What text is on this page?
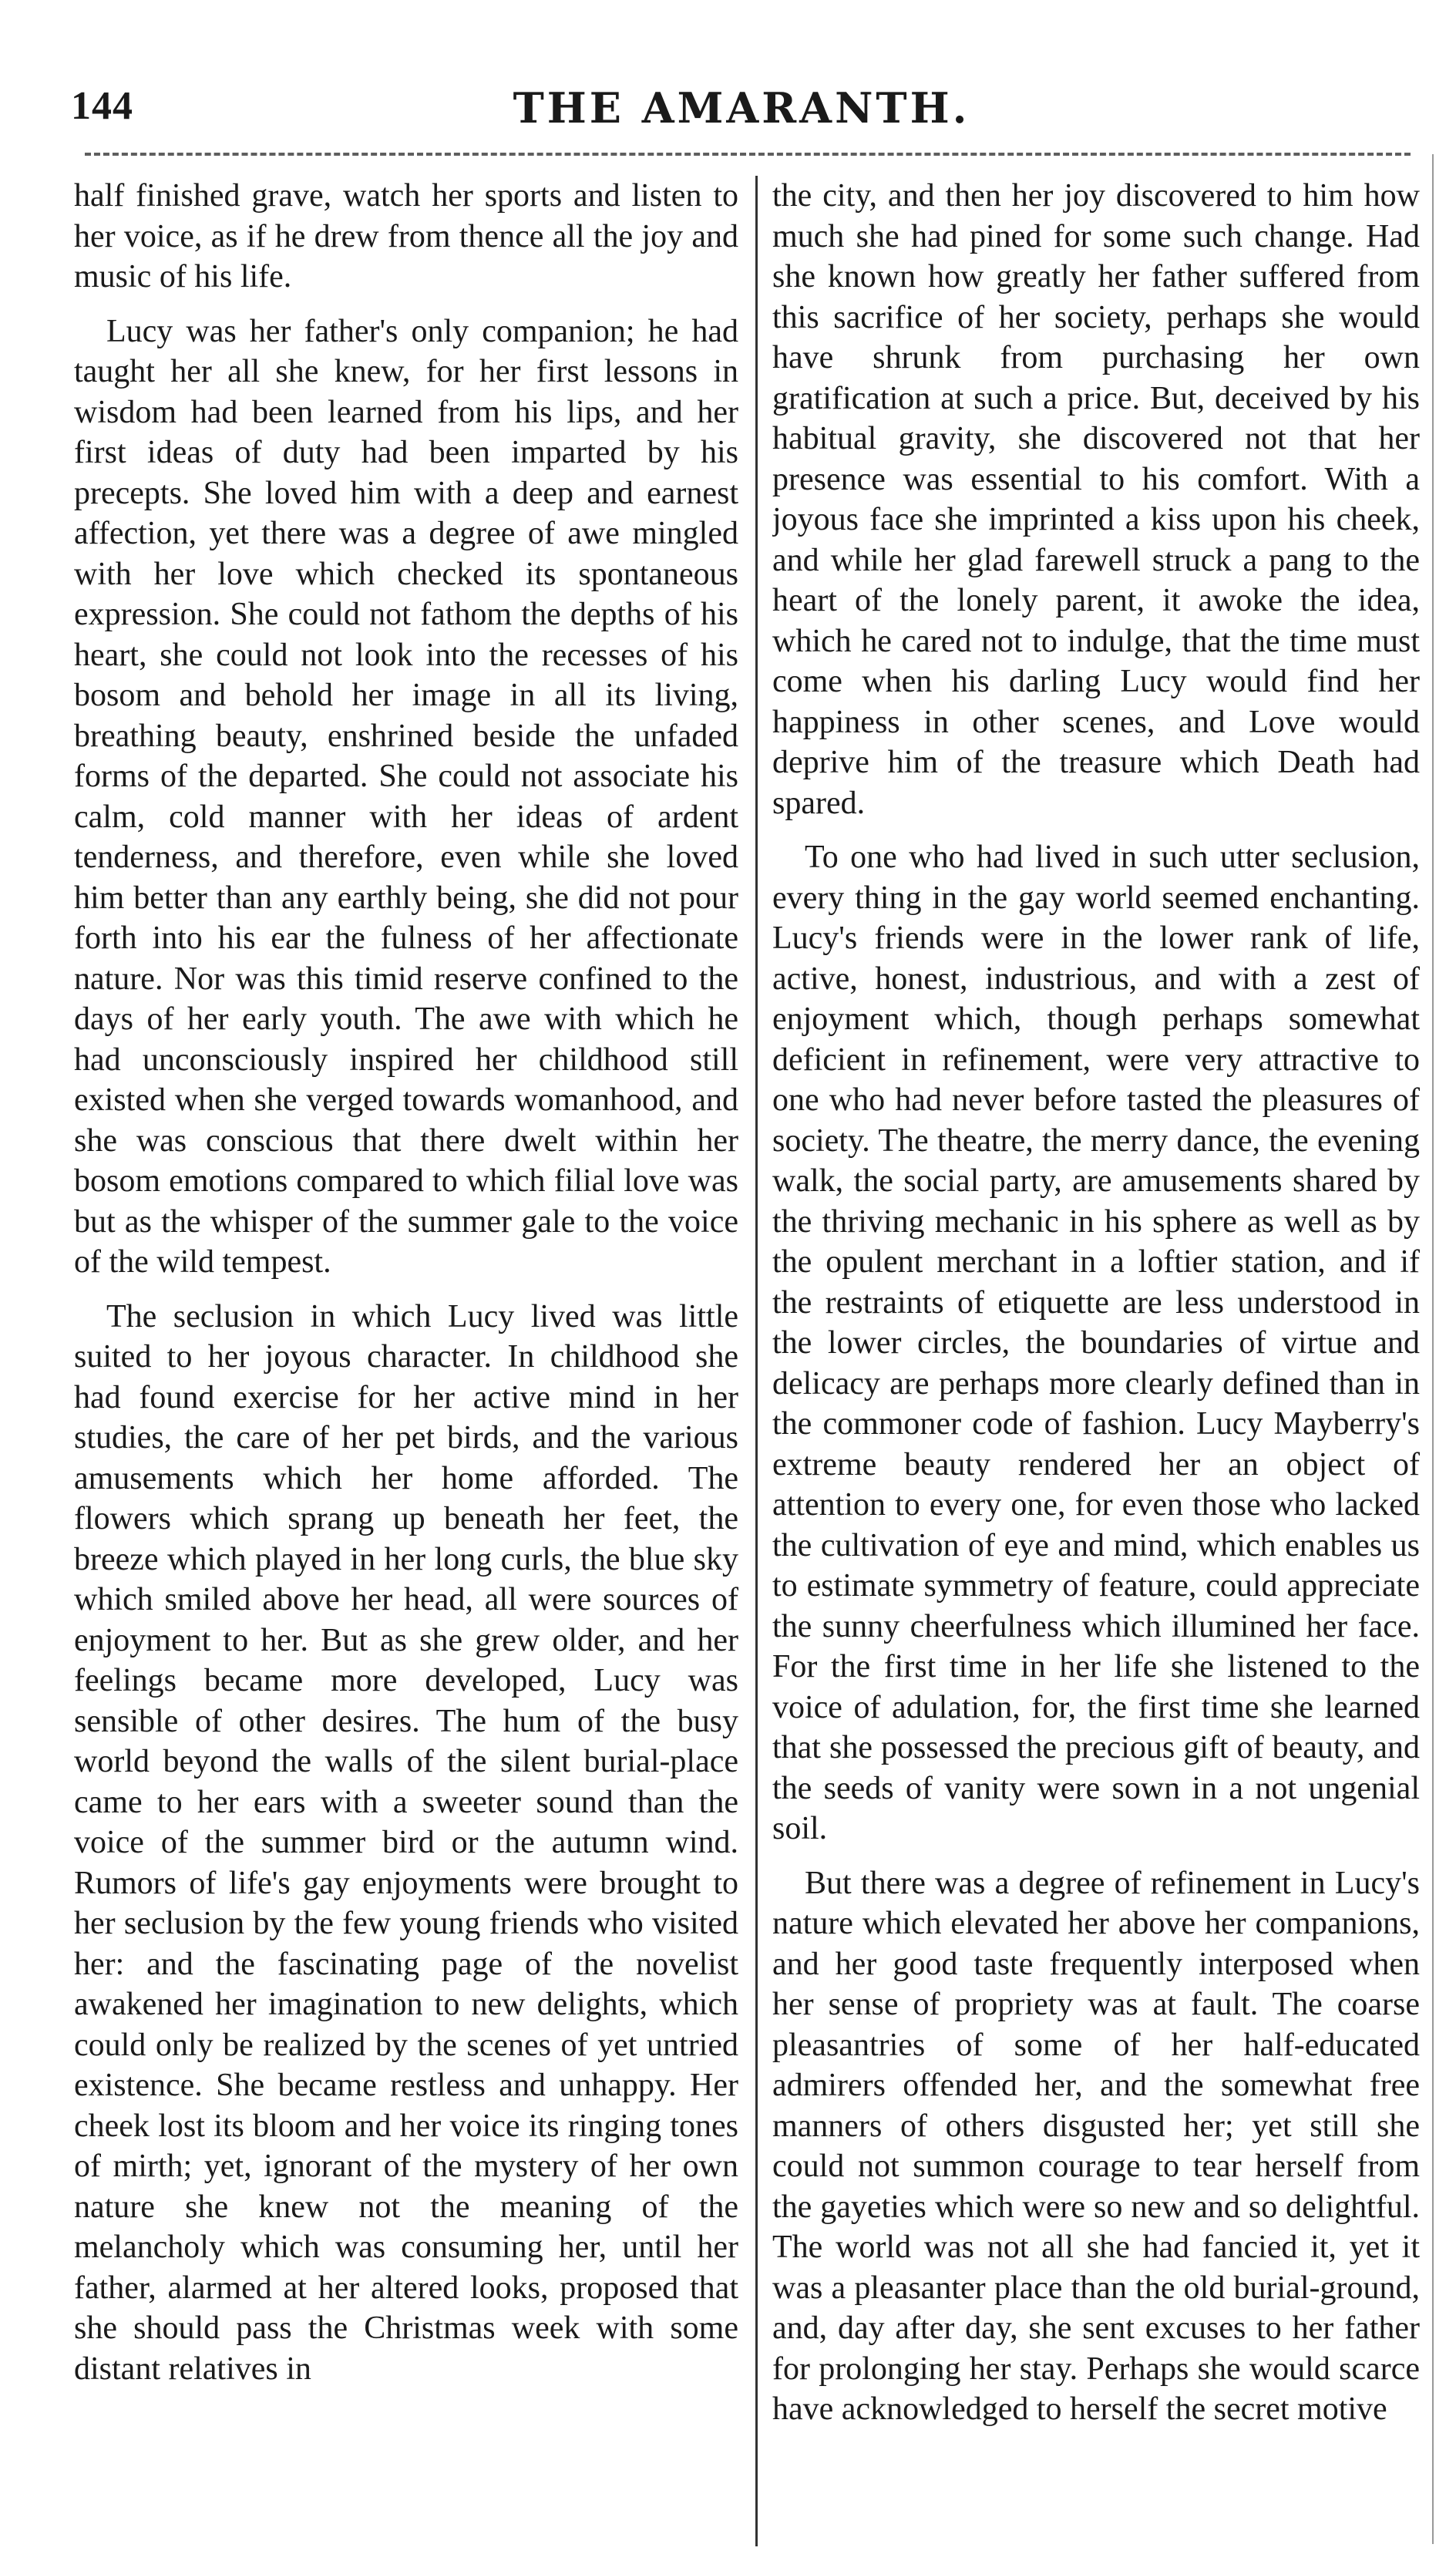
144	THE AMARANTH.

half finished grave, watch her sports and listen to her voice, as if he drew from thence all the joy and music of his life.

Lucy was her father's only companion; he had taught her all she knew, for her first lessons in wisdom had been learned from his lips, and her first ideas of duty had been imparted by his precepts. She loved him with a deep and earnest affection, yet there was a degree of awe mingled with her love which checked its spontaneous expression. She could not fathom the depths of his heart, she could not look into the recesses of his bosom and behold her image in all its living, breathing beauty, enshrined beside the unfaded forms of the departed. She could not associate his calm, cold manner with her ideas of ardent tenderness, and therefore, even while she loved him better than any earthly being, she did not pour forth into his ear the fulness of her affectionate nature. Nor was this timid reserve confined to the days of her early youth. The awe with which he had unconsciously inspired her childhood still existed when she verged towards womanhood, and she was conscious that there dwelt within her bosom emotions compared to which filial love was but as the whisper of the summer gale to the voice of the wild tempest.

The seclusion in which Lucy lived was little suited to her joyous character. In childhood she had found exercise for her active mind in her studies, the care of her pet birds, and the various amusements which her home afforded. The flowers which sprang up beneath her feet, the breeze which played in her long curls, the blue sky which smiled above her head, all were sources of enjoyment to her. But as she grew older, and her feelings became more developed, Lucy was sensible of other desires. The hum of the busy world beyond the walls of the silent burial-place came to her ears with a sweeter sound than the voice of the summer bird or the autumn wind. Rumors of life's gay enjoyments were brought to her seclusion by the few young friends who visited her: and the fascinating page of the novelist awakened her imagination to new delights, which could only be realized by the scenes of yet untried existence. She became restless and unhappy. Her cheek lost its bloom and her voice its ringing tones of mirth; yet, ignorant of the mystery of her own nature she knew not the meaning of the melancholy which was consuming her, until her father, alarmed at her altered looks, proposed that she should pass the Christmas week with some distant relatives in

the city, and then her joy discovered to him how much she had pined for some such change. Had she known how greatly her father suffered from this sacrifice of her society, perhaps she would have shrunk from purchasing her own gratification at such a price. But, deceived by his habitual gravity, she discovered not that her presence was essential to his comfort. With a joyous face she imprinted a kiss upon his cheek, and while her glad farewell struck a pang to the heart of the lonely parent, it awoke the idea, which he cared not to indulge, that the time must come when his darling Lucy would find her happiness in other scenes, and Love would deprive him of the treasure which Death had spared.

To one who had lived in such utter seclusion, every thing in the gay world seemed enchanting. Lucy's friends were in the lower rank of life, active, honest, industrious, and with a zest of enjoyment which, though perhaps somewhat deficient in refinement, were very attractive to one who had never before tasted the pleasures of society. The theatre, the merry dance, the evening walk, the social party, are amusements shared by the thriving mechanic in his sphere as well as by the opulent merchant in a loftier station, and if the restraints of etiquette are less understood in the lower circles, the boundaries of virtue and delicacy are perhaps more clearly defined than in the commoner code of fashion. Lucy Mayberry's extreme beauty rendered her an object of attention to every one, for even those who lacked the cultivation of eye and mind, which enables us to estimate symmetry of feature, could appreciate the sunny cheerfulness which illumined her face. For the first time in her life she listened to the voice of adulation, for, the first time she learned that she possessed the precious gift of beauty, and the seeds of vanity were sown in a not ungenial soil.

But there was a degree of refinement in Lucy's nature which elevated her above her companions, and her good taste frequently interposed when her sense of propriety was at fault. The coarse pleasantries of some of her half-educated admirers offended her, and the somewhat free manners of others disgusted her; yet still she could not summon courage to tear herself from the gayeties which were so new and so delightful. The world was not all she had fancied it, yet it was a pleasanter place than the old burial-ground, and, day after day, she sent excuses to her father for prolonging her stay. Perhaps she would scarce have acknowledged to herself the secret motive
